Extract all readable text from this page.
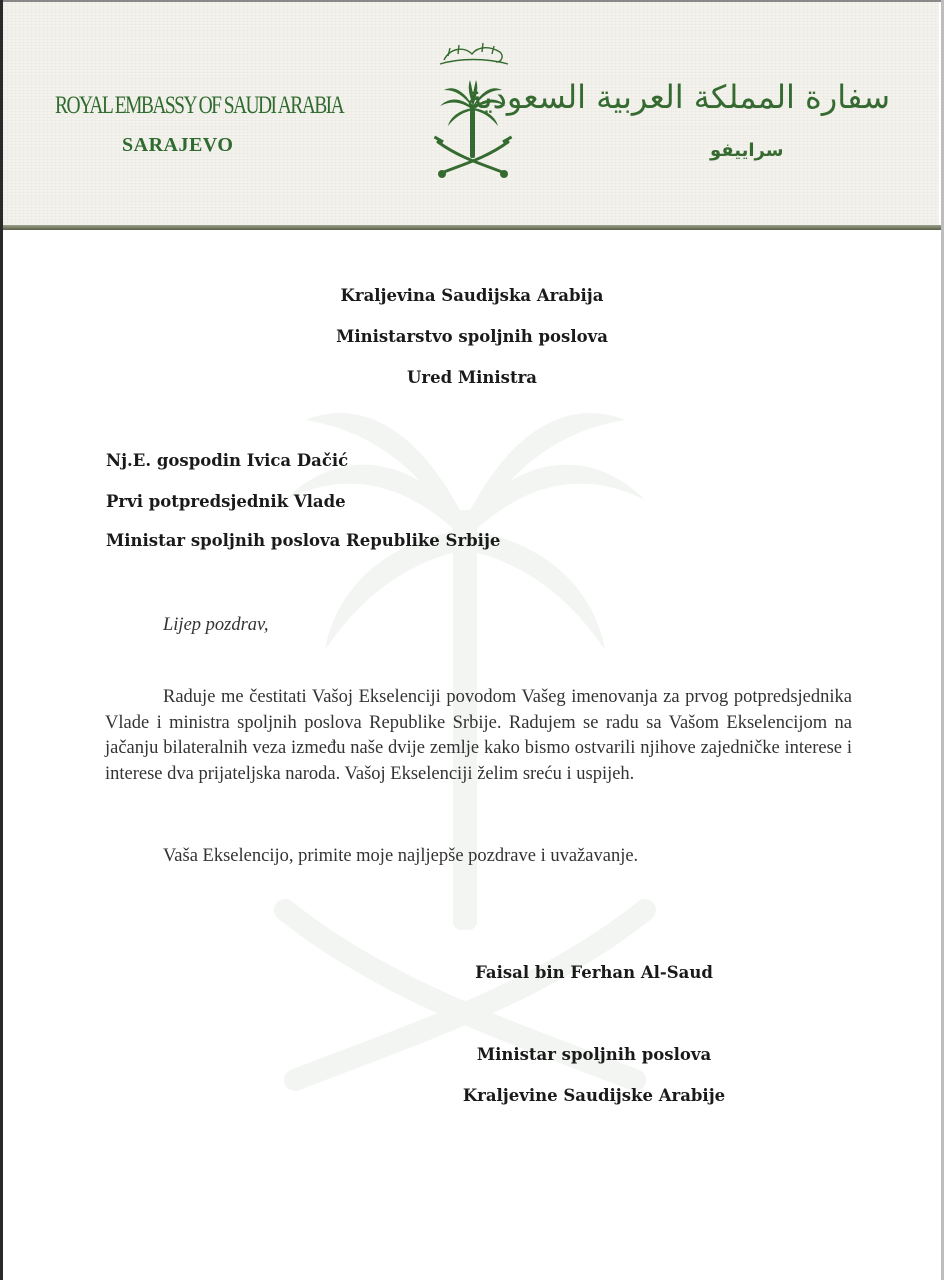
ROYAL EMBASSY OF SAUDI ARABIA
SARAJEVO
سفارة المملكة العربية السعودية
سراييفو
Kraljevina Saudijska Arabija
Ministarstvo spoljnih poslova
Ured Ministra
Nj.E. gospodin Ivica Dačić
Prvi potpredsjednik Vlade
Ministar spoljnih poslova Republike Srbije
Lijep pozdrav,
Raduje me čestitati Vašoj Ekselenciji povodom Vašeg imenovanja za prvog potpredsjednika Vlade i ministra spoljnih poslova Republike Srbije. Radujem se radu sa Vašom Ekselencijom na jačanju bilateralnih veza između naše dvije zemlje kako bismo ostvarili njihove zajedničke interese i interese dva prijateljska naroda. Vašoj Ekselenciji želim sreću i uspijeh.
Vaša Ekselencijo, primite moje najljepše pozdrave i uvažavanje.
Faisal bin Ferhan Al-Saud
Ministar spoljnih poslova
Kraljevine Saudijske Arabije
